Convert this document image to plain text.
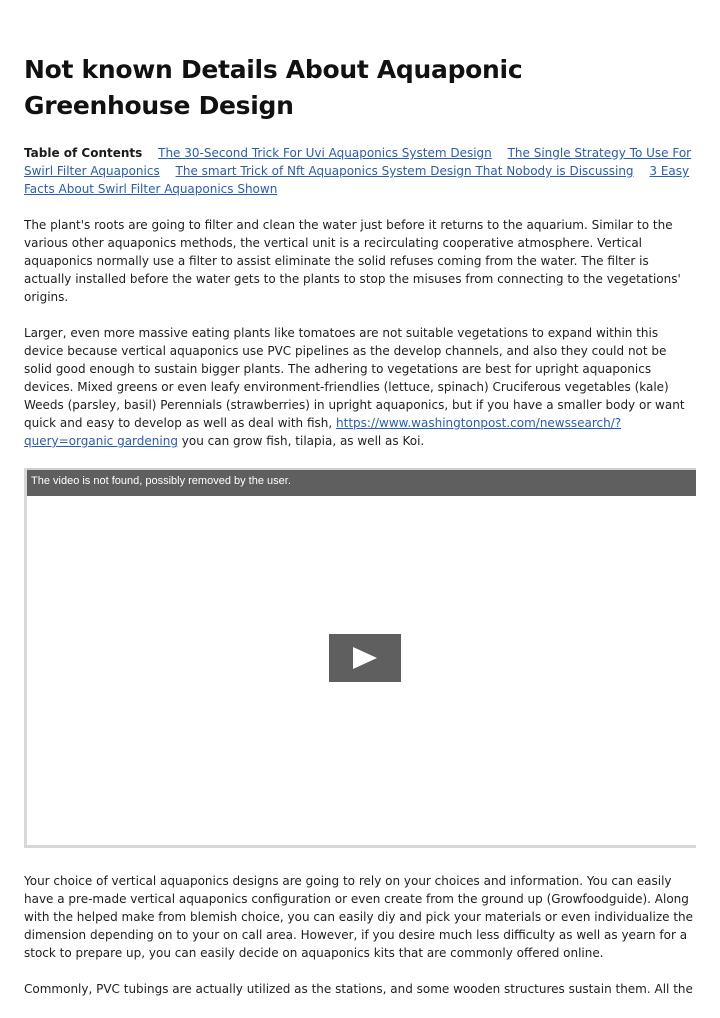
Not known Details About Aquaponic Greenhouse Design

Table of Contents The 30-Second Trick For Uvi Aquaponics System Design The Single Strategy To Use For Swirl Filter Aquaponics The smart Trick of Nft Aquaponics System Design That Nobody is Discussing 3 Easy Facts About Swirl Filter Aquaponics Shown

The plant's roots are going to filter and clean the water just before it returns to the aquarium. Similar to the various other aquaponics methods, the vertical unit is a recirculating cooperative atmosphere. Vertical aquaponics normally use a filter to assist eliminate the solid refuses coming from the water. The filter is actually installed before the water gets to the plants to stop the misuses from connecting to the vegetations' origins.

Larger, even more massive eating plants like tomatoes are not suitable vegetations to expand within this device because vertical aquaponics use PVC pipelines as the develop channels, and also they could not be solid good enough to sustain bigger plants. The adhering to vegetations are best for upright aquaponics devices. Mixed greens or even leafy environment-friendlies (lettuce, spinach) Cruciferous vegetables (kale) Weeds (parsley, basil) Perennials (strawberries) in upright aquaponics, but if you have a smaller body or want quick and easy to develop as well as deal with fish, https://www.washingtonpost.com/newssearch/?query=organic gardening you can grow fish, tilapia, as well as Koi.

The video is not found, possibly removed by the user.

Your choice of vertical aquaponics designs are going to rely on your choices and information. You can easily have a pre-made vertical aquaponics configuration or even create from the ground up (Growfoodguide). Along with the helped make from blemish choice, you can easily diy and pick your materials or even individualize the dimension depending on to your on call area. However, if you desire much less difficulty as well as yearn for a stock to prepare up, you can easily decide on aquaponics kits that are commonly offered online.

Commonly, PVC tubings are actually utilized as the stations, and some wooden structures sustain them. All the
